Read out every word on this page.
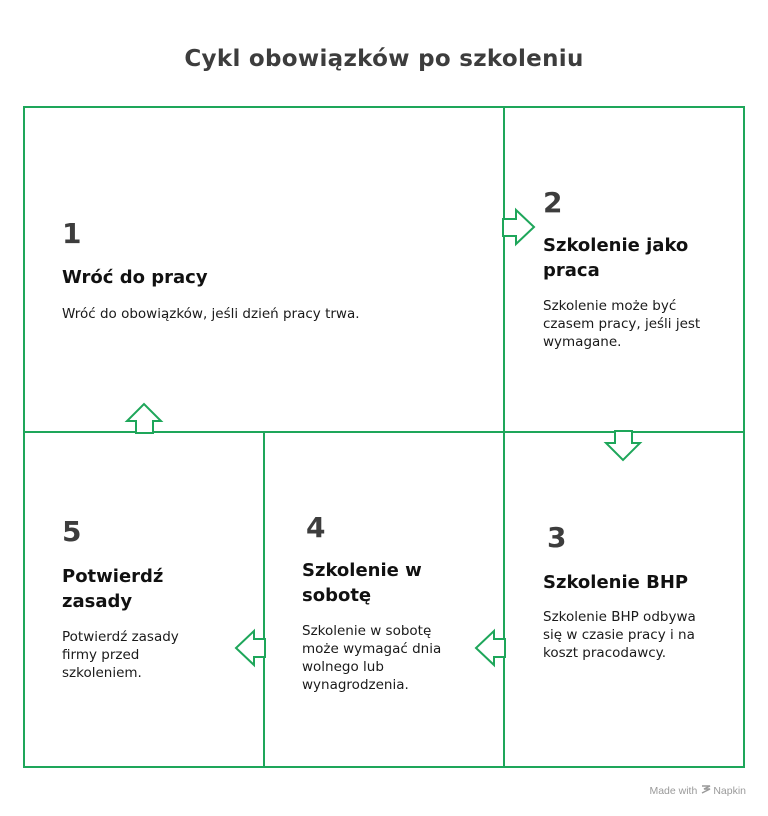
Cykl obowiązków po szkoleniu
1
Wróć do pracy
Wróć do obowiązków, jeśli dzień pracy trwa.
2
Szkolenie jako praca
Szkolenie może być czasem pracy, jeśli jest wymagane.
3
Szkolenie BHP
Szkolenie BHP odbywa się w czasie pracy i na koszt pracodawcy.
4
Szkolenie w sobotę
Szkolenie w sobotę może wymagać dnia wolnego lub wynagrodzenia.
5
Potwierdź zasady
Potwierdź zasady firmy przed szkoleniem.
Made with Napkin
